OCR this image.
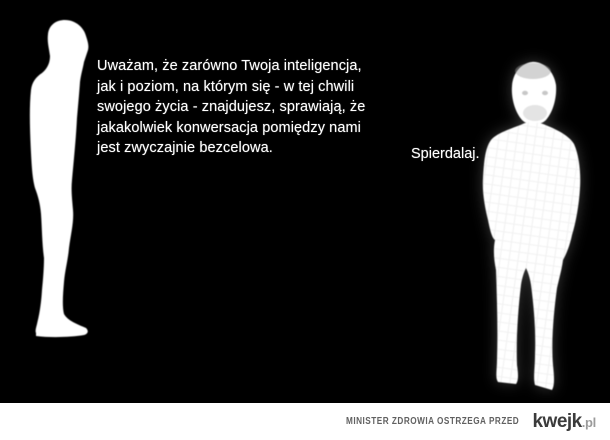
Uważam, że zarówno Twoja inteligencja,
jak i poziom, na którym się - w tej chwili
swojego życia - znajdujesz, sprawiają, że
jakakolwiek konwersacja pomiędzy nami
jest zwyczajnie bezcelowa.	Spierdalaj.
MINISTER ZDROWIA OSTRZEGA PRZED kwejk .pl
